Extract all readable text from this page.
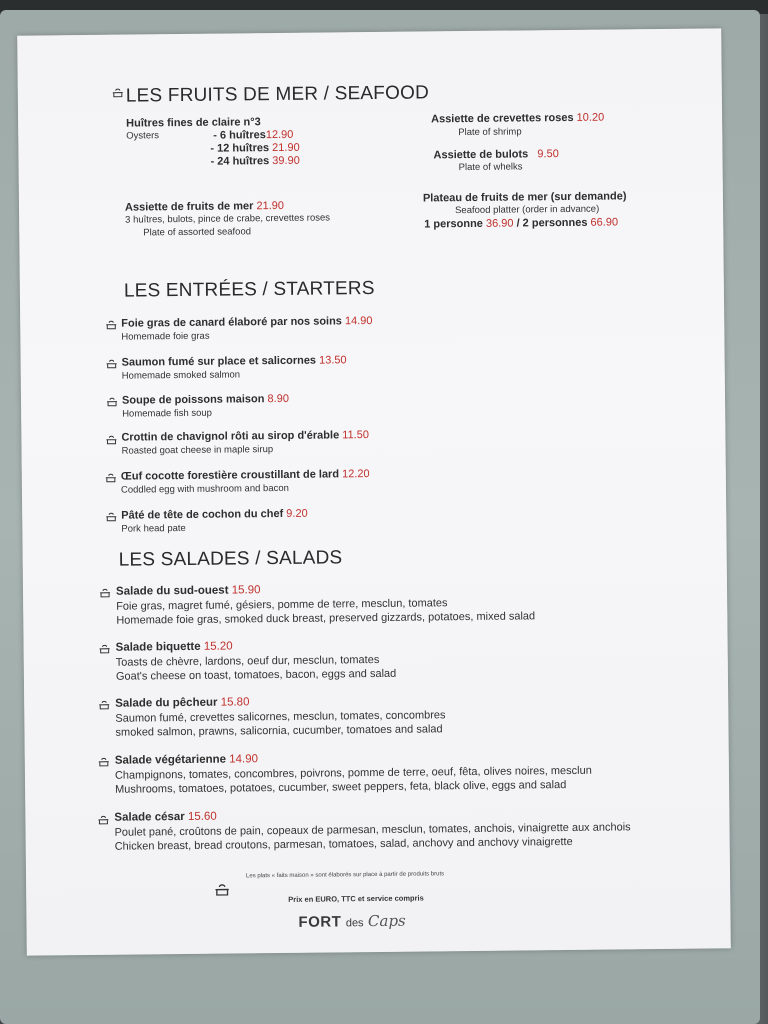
LES FRUITS DE MER / SEAFOOD
Huîtres fines de claire n°3
Oysters	- 6 huîtres12.90
- 12 huîtres 21.90
- 24 huîtres 39.90
Assiette de crevettes roses 10.20
Plate of shrimp
Assiette de bulots 9.50
Plate of whelks
Assiette de fruits de mer 21.90
3 huîtres, bulots, pince de crabe, crevettes roses
Plate of assorted seafood
Plateau de fruits de mer (sur demande)
Seafood platter (order in advance)
1 personne 36.90 / 2 personnes 66.90
LES ENTRÉES / STARTERS
Foie gras de canard élaboré par nos soins 14.90
Homemade foie gras
Saumon fumé sur place et salicornes 13.50
Homemade smoked salmon
Soupe de poissons maison 8.90
Homemade fish soup
Crottin de chavignol rôti au sirop d'érable 11.50
Roasted goat cheese in maple sirup
Œuf cocotte forestière croustillant de lard 12.20
Coddled egg with mushroom and bacon
Pâté de tête de cochon du chef 9.20
Pork head pate
LES SALADES / SALADS
Salade du sud-ouest 15.90
Foie gras, magret fumé, gésiers, pomme de terre, mesclun, tomates
Homemade foie gras, smoked duck breast, preserved gizzards, potatoes, mixed salad
Salade biquette 15.20
Toasts de chèvre, lardons, oeuf dur, mesclun, tomates
Goat's cheese on toast, tomatoes, bacon, eggs and salad
Salade du pêcheur 15.80
Saumon fumé, crevettes salicornes, mesclun, tomates, concombres
smoked salmon, prawns, salicornia, cucumber, tomatoes and salad
Salade végétarienne 14.90
Champignons, tomates, concombres, poivrons, pomme de terre, oeuf, fêta, olives noires, mesclun
Mushrooms, tomatoes, potatoes, cucumber, sweet peppers, feta, black olive, eggs and salad
Salade césar 15.60
Poulet pané, croûtons de pain, copeaux de parmesan, mesclun, tomates, anchois, vinaigrette aux anchois
Chicken breast, bread croutons, parmesan, tomatoes, salad, anchovy and anchovy vinaigrette
Les plats « faits maison » sont élaborés sur place à partir de produits bruts
Prix en EURO, TTC et service compris
FORT des Caps
